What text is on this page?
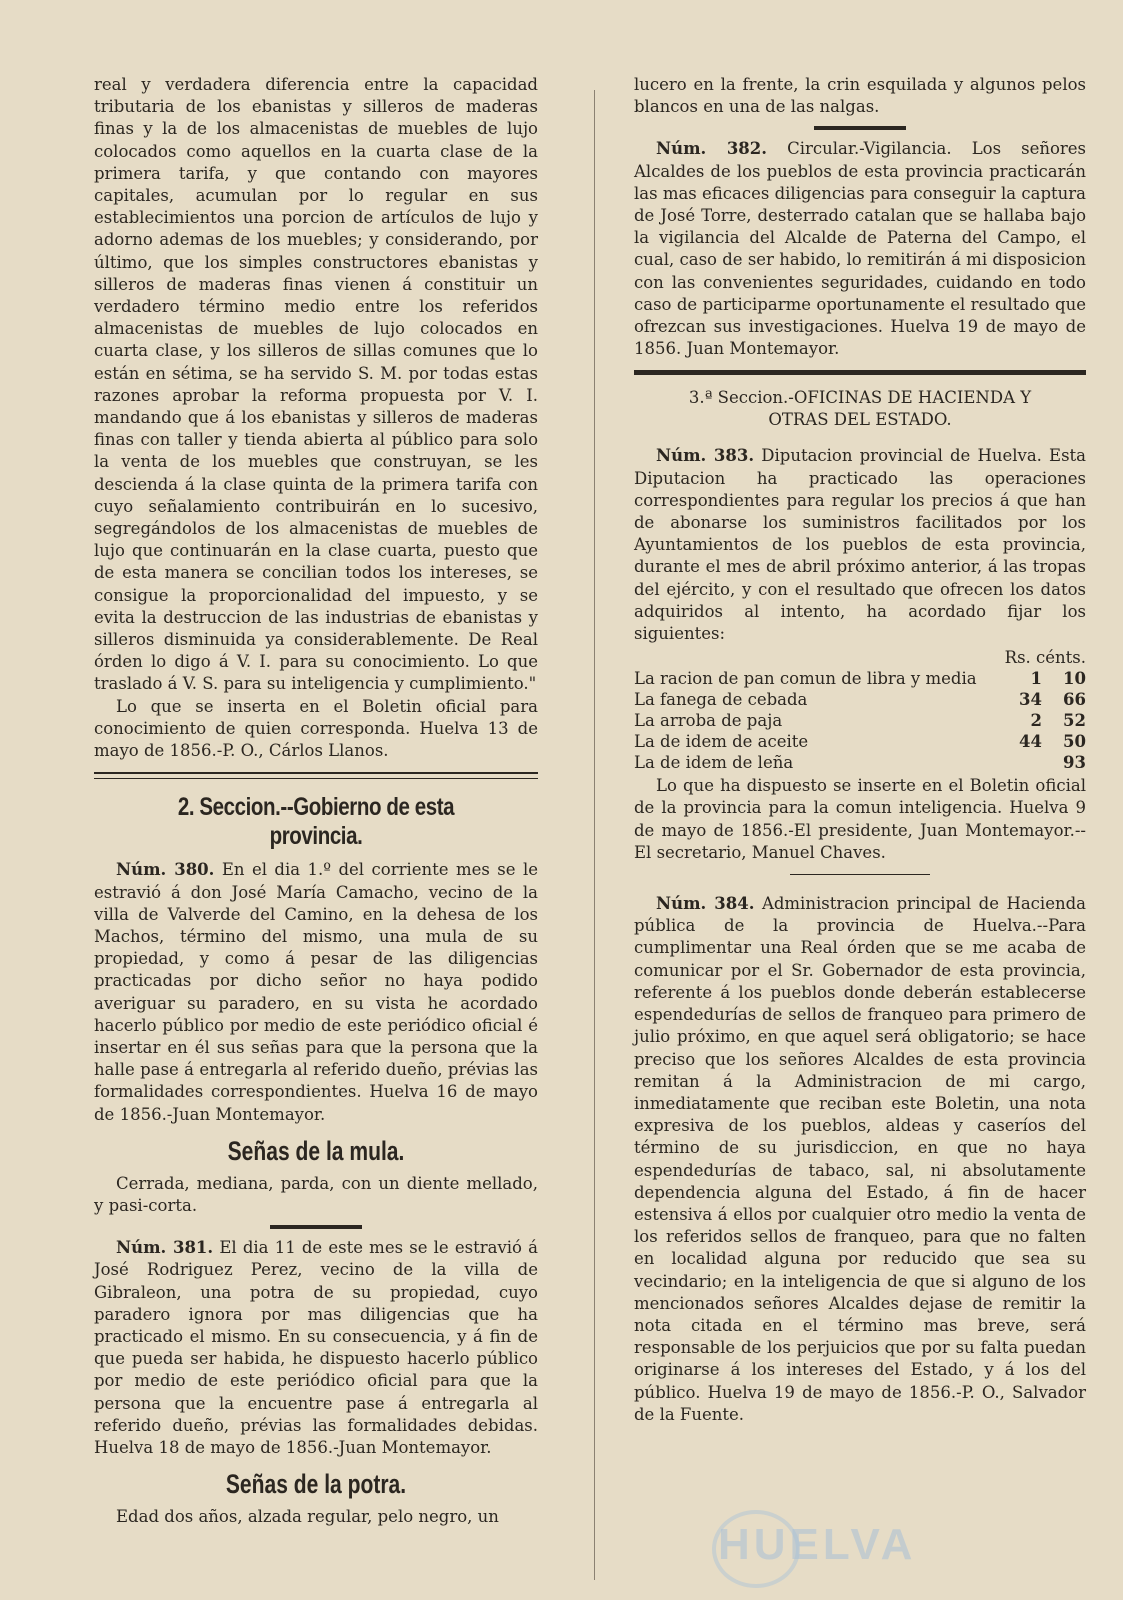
real y verdadera diferencia entre la capacidad tributaria de los ebanistas y silleros de maderas finas y la de los almacenistas de muebles de lujo colocados como aquellos en la cuarta clase de la primera tarifa, y que contando con mayores capitales, acumulan por lo regular en sus establecimientos una porcion de artículos de lujo y adorno ademas de los muebles; y considerando, por último, que los simples constructores ebanistas y silleros de maderas finas vienen á constituir un verdadero término medio entre los referidos almacenistas de muebles de lujo colocados en cuarta clase, y los silleros de sillas comunes que lo están en sétima, se ha servido S. M. por todas estas razones aprobar la reforma propuesta por V. I. mandando que á los ebanistas y silleros de maderas finas con taller y tienda abierta al público para solo la venta de los muebles que construyan, se les descienda á la clase quinta de la primera tarifa con cuyo señalamiento contribuirán en lo sucesivo, segregándolos de los almacenistas de muebles de lujo que continuarán en la clase cuarta, puesto que de esta manera se concilian todos los intereses, se consigue la proporcionalidad del impuesto, y se evita la destruccion de las industrias de ebanistas y silleros disminuida ya considerablemente. De Real órden lo digo á V. I. para su conocimiento. Lo que traslado á V. S. para su inteligencia y cumplimiento."

Lo que se inserta en el Boletin oficial para conocimiento de quien corresponda. Huelva 13 de mayo de 1856.-P. O., Cárlos Llanos.

2. Seccion.--Gobierno de esta provincia.

Núm. 380. En el dia 1.º del corriente mes se le estravió á don José María Camacho, vecino de la villa de Valverde del Camino, en la dehesa de los Machos, término del mismo, una mula de su propiedad, y como á pesar de las diligencias practicadas por dicho señor no haya podido averiguar su paradero, en su vista he acordado hacerlo público por medio de este periódico oficial é insertar en él sus señas para que la persona que la halle pase á entregarla al referido dueño, prévias las formalidades correspondientes. Huelva 16 de mayo de 1856.-Juan Montemayor.

Señas de la mula.

Cerrada, mediana, parda, con un diente mellado, y pasi-corta.

Núm. 381. El dia 11 de este mes se le estravió á José Rodriguez Perez, vecino de la villa de Gibraleon, una potra de su propiedad, cuyo paradero ignora por mas diligencias que ha practicado el mismo. En su consecuencia, y á fin de que pueda ser habida, he dispuesto hacerlo público por medio de este periódico oficial para que la persona que la encuentre pase á entregarla al referido dueño, prévias las formalidades debidas. Huelva 18 de mayo de 1856.-Juan Montemayor.

Señas de la potra.

Edad dos años, alzada regular, pelo negro, un

lucero en la frente, la crin esquilada y algunos pelos blancos en una de las nalgas.

Núm. 382. Circular.-Vigilancia. Los señores Alcaldes de los pueblos de esta provincia practicarán las mas eficaces diligencias para conseguir la captura de José Torre, desterrado catalan que se hallaba bajo la vigilancia del Alcalde de Paterna del Campo, el cual, caso de ser habido, lo remitirán á mi disposicion con las convenientes seguridades, cuidando en todo caso de participarme oportunamente el resultado que ofrezcan sus investigaciones. Huelva 19 de mayo de 1856. Juan Montemayor.

3.ª Seccion.-OFICINAS DE HACIENDA Y
OTRAS DEL ESTADO.

Núm. 383. Diputacion provincial de Huelva. Esta Diputacion ha practicado las operaciones correspondientes para regular los precios á que han de abonarse los suministros facilitados por los Ayuntamientos de los pueblos de esta provincia, durante el mes de abril próximo anterior, á las tropas del ejército, y con el resultado que ofrecen los datos adquiridos al intento, ha acordado fijar los siguientes:

Rs. cénts.		
La racion de pan comun de libra y media	1	10
La fanega de cebada	34	66
La arroba de paja	2	52
La de idem de aceite	44	50
La de idem de leña		93

Lo que ha dispuesto se inserte en el Boletin oficial de la provincia para la comun inteligencia. Huelva 9 de mayo de 1856.-El presidente, Juan Montemayor.--El secretario, Manuel Chaves.

Núm. 384. Administracion principal de Hacienda pública de la provincia de Huelva.--Para cumplimentar una Real órden que se me acaba de comunicar por el Sr. Gobernador de esta provincia, referente á los pueblos donde deberán establecerse espendedurías de sellos de franqueo para primero de julio próximo, en que aquel será obligatorio; se hace preciso que los señores Alcaldes de esta provincia remitan á la Administracion de mi cargo, inmediatamente que reciban este Boletin, una nota expresiva de los pueblos, aldeas y caseríos del término de su jurisdiccion, en que no haya espendedurías de tabaco, sal, ni absolutamente dependencia alguna del Estado, á fin de hacer estensiva á ellos por cualquier otro medio la venta de los referidos sellos de franqueo, para que no falten en localidad alguna por reducido que sea su vecindario; en la inteligencia de que si alguno de los mencionados señores Alcaldes dejase de remitir la nota citada en el término mas breve, será responsable de los perjuicios que por su falta puedan originarse á los intereses del Estado, y á los del público. Huelva 19 de mayo de 1856.-P. O., Salvador de la Fuente.

HUELVA
